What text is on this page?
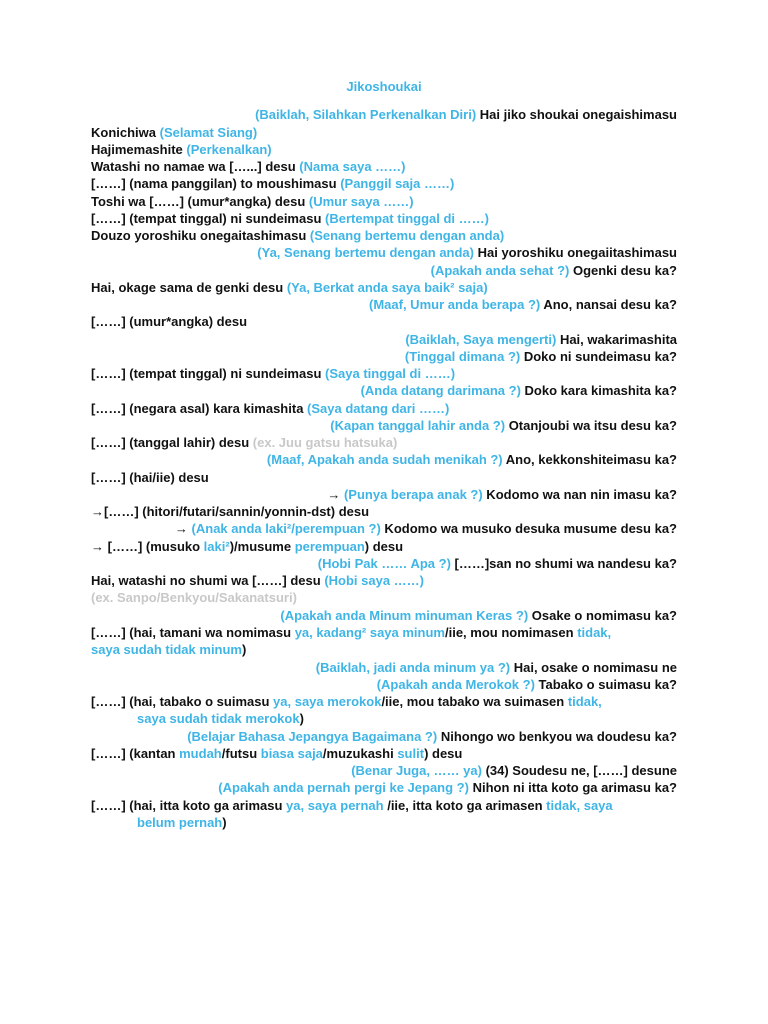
Jikoshoukai
(Baiklah, Silahkan Perkenalkan Diri) Hai jiko shoukai onegaishimasu
Konichiwa (Selamat Siang)
Hajimemashite (Perkenalkan)
Watashi no namae wa […...] desu (Nama saya ……)
[……] (nama panggilan) to moushimasu (Panggil saja ……)
Toshi wa [……] (umur*angka) desu (Umur saya ……)
[……] (tempat tinggal) ni sundeimasu (Bertempat tinggal di ……)
Douzo yoroshiku onegaitashimasu (Senang bertemu dengan anda)
(Ya, Senang bertemu dengan anda) Hai yoroshiku onegaiitashimasu
(Apakah anda sehat ?) Ogenki desu ka?
Hai, okage sama de genki desu (Ya, Berkat anda saya baik² saja)
(Maaf, Umur anda berapa ?) Ano, nansai desu ka?
[……] (umur*angka) desu
(Baiklah, Saya mengerti) Hai, wakarimashita
(Tinggal dimana ?) Doko ni sundeimasu ka?
[……] (tempat tinggal) ni sundeimasu (Saya tinggal di ……)
(Anda datang darimana ?) Doko kara kimashita ka?
[……] (negara asal) kara kimashita (Saya datang dari ……)
(Kapan tanggal lahir anda ?) Otanjoubi wa itsu desu ka?
[……] (tanggal lahir) desu (ex. Juu gatsu hatsuka)
(Maaf, Apakah anda sudah menikah ?) Ano, kekkonshiteimasu ka?
[……] (hai/iie) desu
→ (Punya berapa anak ?) Kodomo wa nan nin imasu ka?
→[……] (hitori/futari/sannin/yonnin-dst) desu
→ (Anak anda laki²/perempuan ?) Kodomo wa musuko desuka musume desu ka?
→ [……] (musuko laki²)/musume perempuan) desu
(Hobi Pak …… Apa ?) [……]san no shumi wa nandesu ka?
Hai, watashi no shumi wa [……] desu (Hobi saya ……)
(ex. Sanpo/Benkyou/Sakanatsuri)
(Apakah anda Minum minuman Keras ?) Osake o nomimasu ka?
[……] (hai, tamani wa nomimasu ya, kadang² saya minum/iie, mou nomimasen tidak,
saya sudah tidak minum)
(Baiklah, jadi anda minum ya ?) Hai, osake o nomimasu ne
(Apakah anda Merokok ?) Tabako o suimasu ka?
[……] (hai, tabako o suimasu ya, saya merokok/iie, mou tabako wa suimasen tidak,
saya sudah tidak merokok)
(Belajar Bahasa Jepangya Bagaimana ?) Nihongo wo benkyou wa doudesu ka?
[……] (kantan mudah/futsu biasa saja/muzukashi sulit) desu
(Benar Juga, …… ya) (34) Soudesu ne, [……] desune
(Apakah anda pernah pergi ke Jepang ?) Nihon ni itta koto ga arimasu ka?
[……] (hai, itta koto ga arimasu ya, saya pernah /iie, itta koto ga arimasen tidak, saya
belum pernah)
